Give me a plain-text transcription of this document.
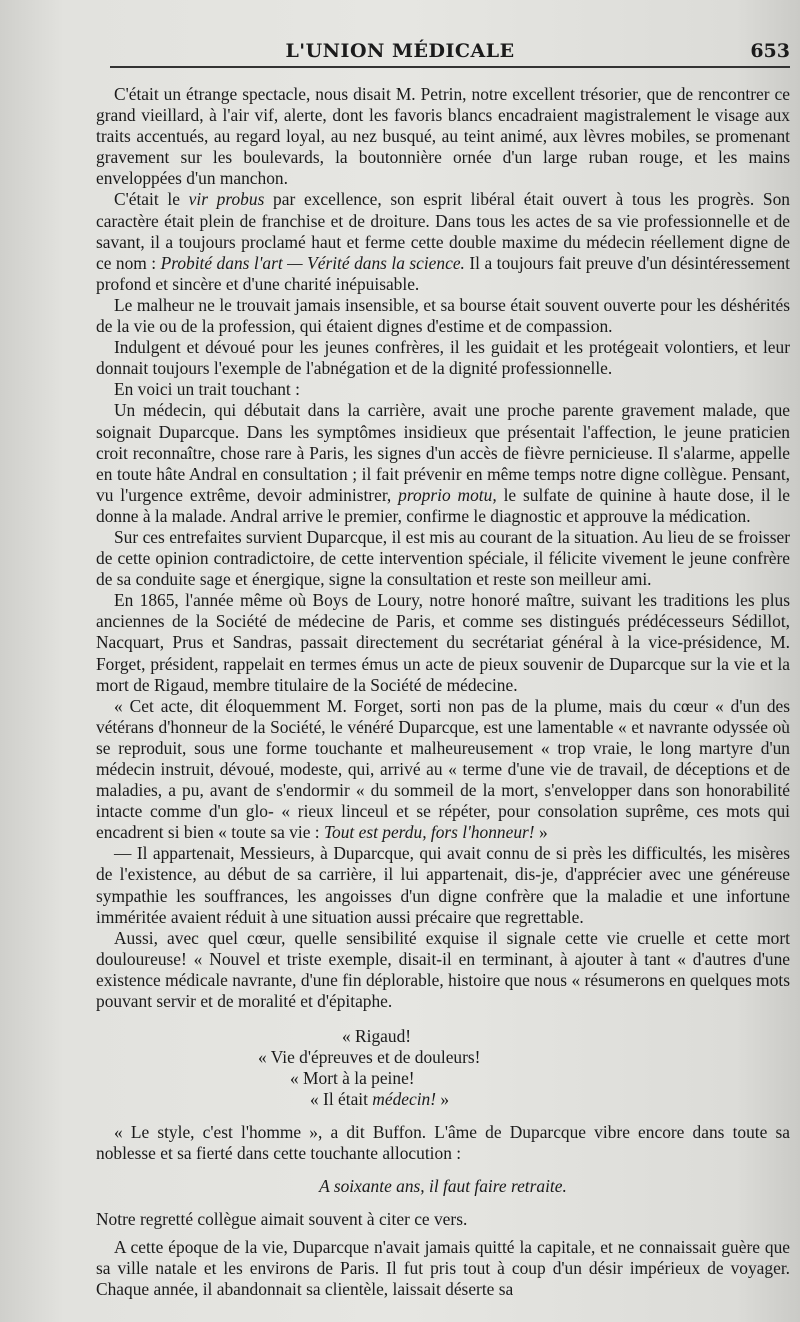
L'UNION MÉDICALE	653

C'était un étrange spectacle, nous disait M. Petrin, notre excellent trésorier, que de rencontrer ce grand vieillard, à l'air vif, alerte, dont les favoris blancs encadraient magistralement le visage aux traits accentués, au regard loyal, au nez busqué, au teint animé, aux lèvres mobiles, se promenant gravement sur les boulevards, la boutonnière ornée d'un large ruban rouge, et les mains enveloppées d'un manchon.

C'était le vir probus par excellence, son esprit libéral était ouvert à tous les progrès. Son caractère était plein de franchise et de droiture. Dans tous les actes de sa vie professionnelle et de savant, il a toujours proclamé haut et ferme cette double maxime du médecin réellement digne de ce nom : Probité dans l'art — Vérité dans la science. Il a toujours fait preuve d'un désintéressement profond et sincère et d'une charité inépuisable.

Le malheur ne le trouvait jamais insensible, et sa bourse était souvent ouverte pour les déshérités de la vie ou de la profession, qui étaient dignes d'estime et de compassion.

Indulgent et dévoué pour les jeunes confrères, il les guidait et les protégeait volontiers, et leur donnait toujours l'exemple de l'abnégation et de la dignité professionnelle.

En voici un trait touchant :

Un médecin, qui débutait dans la carrière, avait une proche parente gravement malade, que soignait Duparcque. Dans les symptômes insidieux que présentait l'affection, le jeune praticien croit reconnaître, chose rare à Paris, les signes d'un accès de fièvre pernicieuse. Il s'alarme, appelle en toute hâte Andral en consultation ; il fait prévenir en même temps notre digne collègue. Pensant, vu l'urgence extrême, devoir administrer, proprio motu, le sulfate de quinine à haute dose, il le donne à la malade. Andral arrive le premier, confirme le diagnostic et approuve la médication.

Sur ces entrefaites survient Duparcque, il est mis au courant de la situation. Au lieu de se froisser de cette opinion contradictoire, de cette intervention spéciale, il félicite vivement le jeune confrère de sa conduite sage et énergique, signe la consultation et reste son meilleur ami.

En 1865, l'année même où Boys de Loury, notre honoré maître, suivant les traditions les plus anciennes de la Société de médecine de Paris, et comme ses distingués prédécesseurs Sédillot, Nacquart, Prus et Sandras, passait directement du secrétariat général à la vice-présidence, M. Forget, président, rappelait en termes émus un acte de pieux souvenir de Duparcque sur la vie et la mort de Rigaud, membre titulaire de la Société de médecine.

« Cet acte, dit éloquemment M. Forget, sorti non pas de la plume, mais du cœur « d'un des vétérans d'honneur de la Société, le vénéré Duparcque, est une lamentable « et navrante odyssée où se reproduit, sous une forme touchante et malheureusement « trop vraie, le long martyre d'un médecin instruit, dévoué, modeste, qui, arrivé au « terme d'une vie de travail, de déceptions et de maladies, a pu, avant de s'endormir « du sommeil de la mort, s'envelopper dans son honorabilité intacte comme d'un glo- « rieux linceul et se répéter, pour consolation suprême, ces mots qui encadrent si bien « toute sa vie : Tout est perdu, fors l'honneur! »

— Il appartenait, Messieurs, à Duparcque, qui avait connu de si près les difficultés, les misères de l'existence, au début de sa carrière, il lui appartenait, dis-je, d'apprécier avec une généreuse sympathie les souffrances, les angoisses d'un digne confrère que la maladie et une infortune imméritée avaient réduit à une situation aussi précaire que regrettable.

Aussi, avec quel cœur, quelle sensibilité exquise il signale cette vie cruelle et cette mort douloureuse! « Nouvel et triste exemple, disait-il en terminant, à ajouter à tant « d'autres d'une existence médicale navrante, d'une fin déplorable, histoire que nous « résumerons en quelques mots pouvant servir et de moralité et d'épitaphe.

« Rigaud!
« Vie d'épreuves et de douleurs!
« Mort à la peine!
« Il était médecin! »

« Le style, c'est l'homme », a dit Buffon. L'âme de Duparcque vibre encore dans toute sa noblesse et sa fierté dans cette touchante allocution :

A soixante ans, il faut faire retraite.

Notre regretté collègue aimait souvent à citer ce vers.

A cette époque de la vie, Duparcque n'avait jamais quitté la capitale, et ne connaissait guère que sa ville natale et les environs de Paris. Il fut pris tout à coup d'un désir impérieux de voyager. Chaque année, il abandonnait sa clientèle, laissait déserte sa
